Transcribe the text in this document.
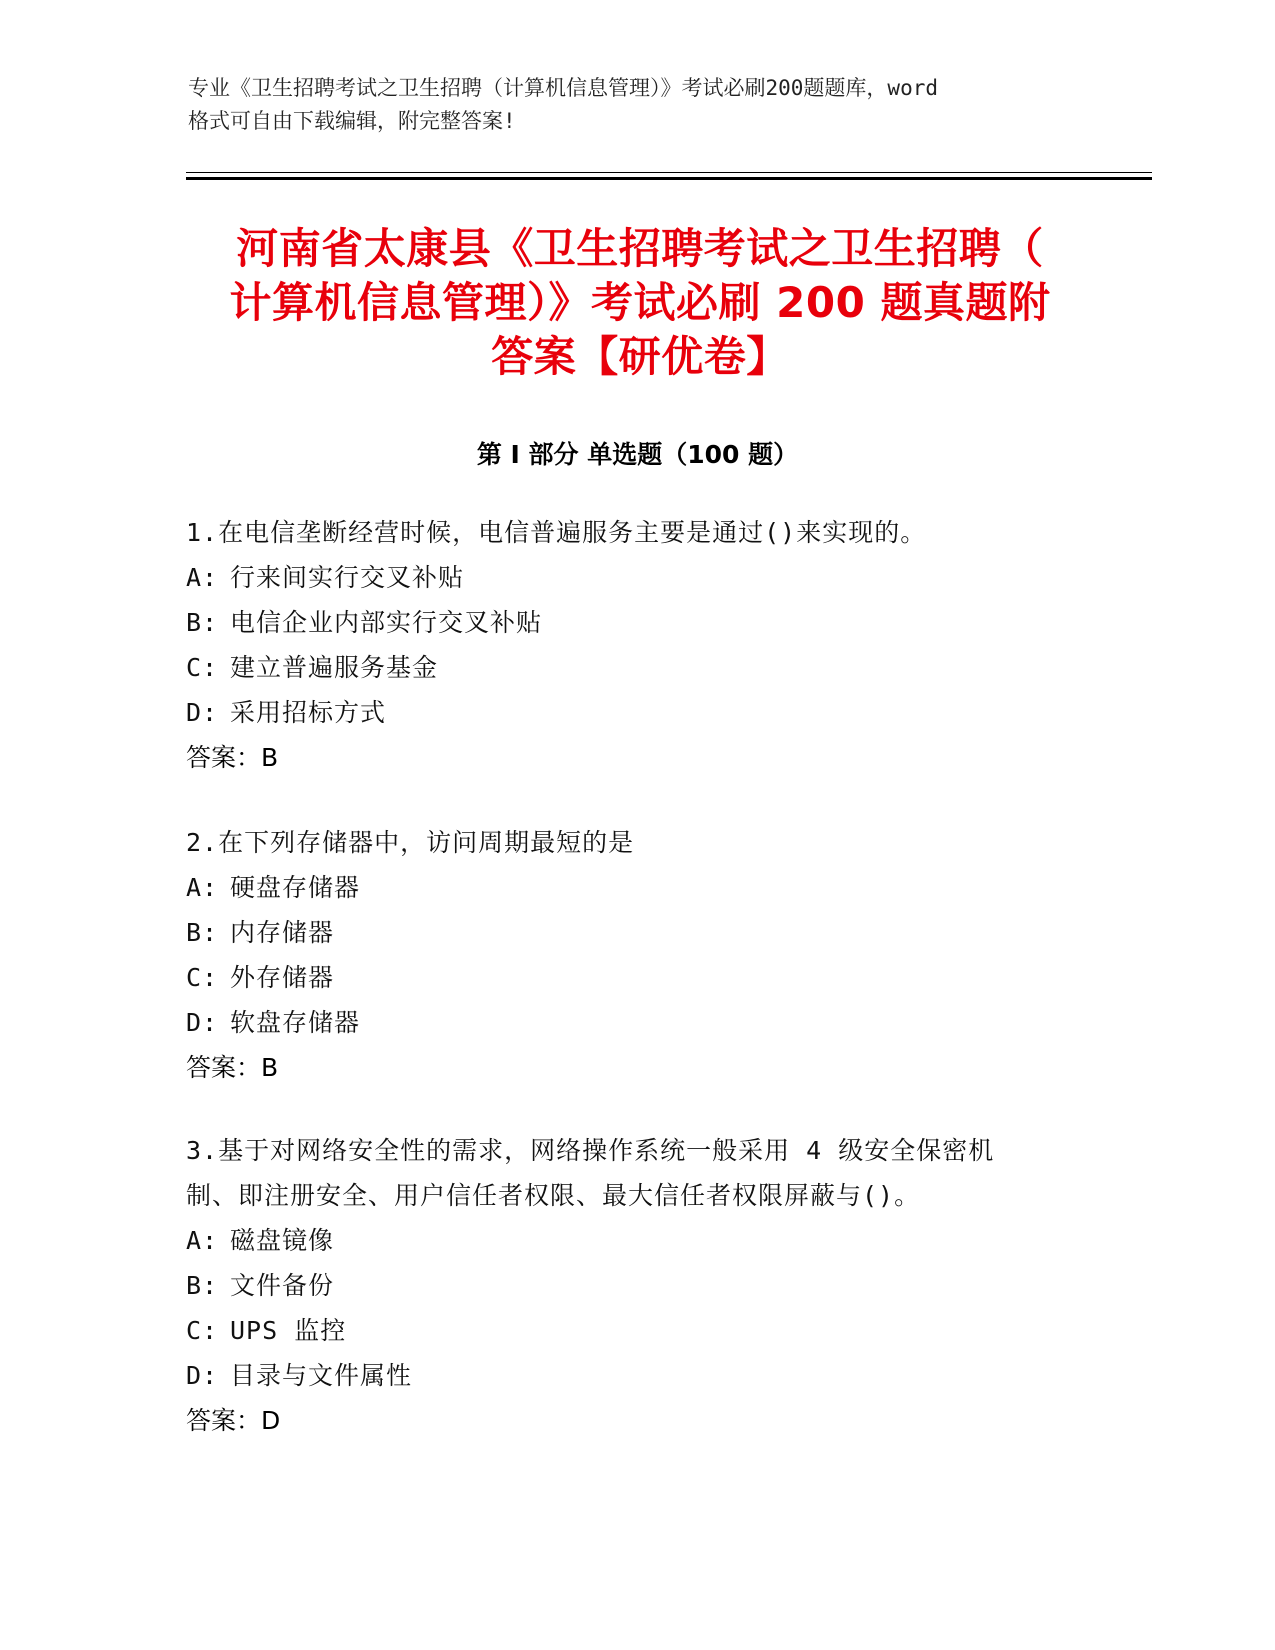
专业《卫生招聘考试之卫生招聘（计算机信息管理）》考试必刷200题题库，word
格式可自由下载编辑，附完整答案!
河南省太康县《卫生招聘考试之卫生招聘（
计算机信息管理）》考试必刷 200 题真题附
答案【研优卷】
第 I 部分 单选题（100 题）
1.在电信垄断经营时候，电信普遍服务主要是通过()来实现的。
A: 行来间实行交叉补贴
B: 电信企业内部实行交叉补贴
C: 建立普遍服务基金
D: 采用招标方式
答案：B
2.在下列存储器中，访问周期最短的是
A: 硬盘存储器
B: 内存储器
C: 外存储器
D: 软盘存储器
答案：B
3.基于对网络安全性的需求，网络操作系统一般采用 4 级安全保密机
制、即注册安全、用户信任者权限、最大信任者权限屏蔽与()。
A: 磁盘镜像
B: 文件备份
C: UPS 监控
D: 目录与文件属性
答案：D
